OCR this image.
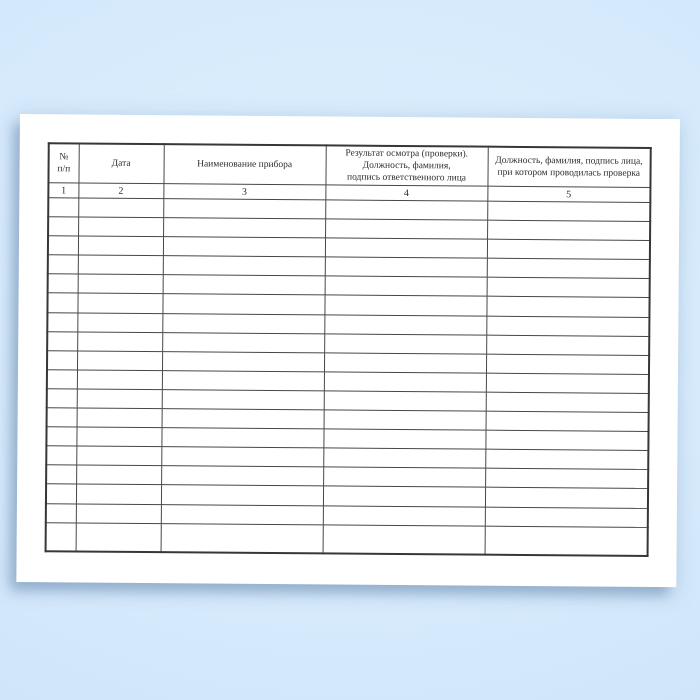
№
п/п	Дата	Наименование прибора	Результат осмотра (проверки).
Должность, фамилия,
подпись ответственного лица	Должность, фамилия, подпись лица,
при котором проводилась проверка
1	2	3	4	5
